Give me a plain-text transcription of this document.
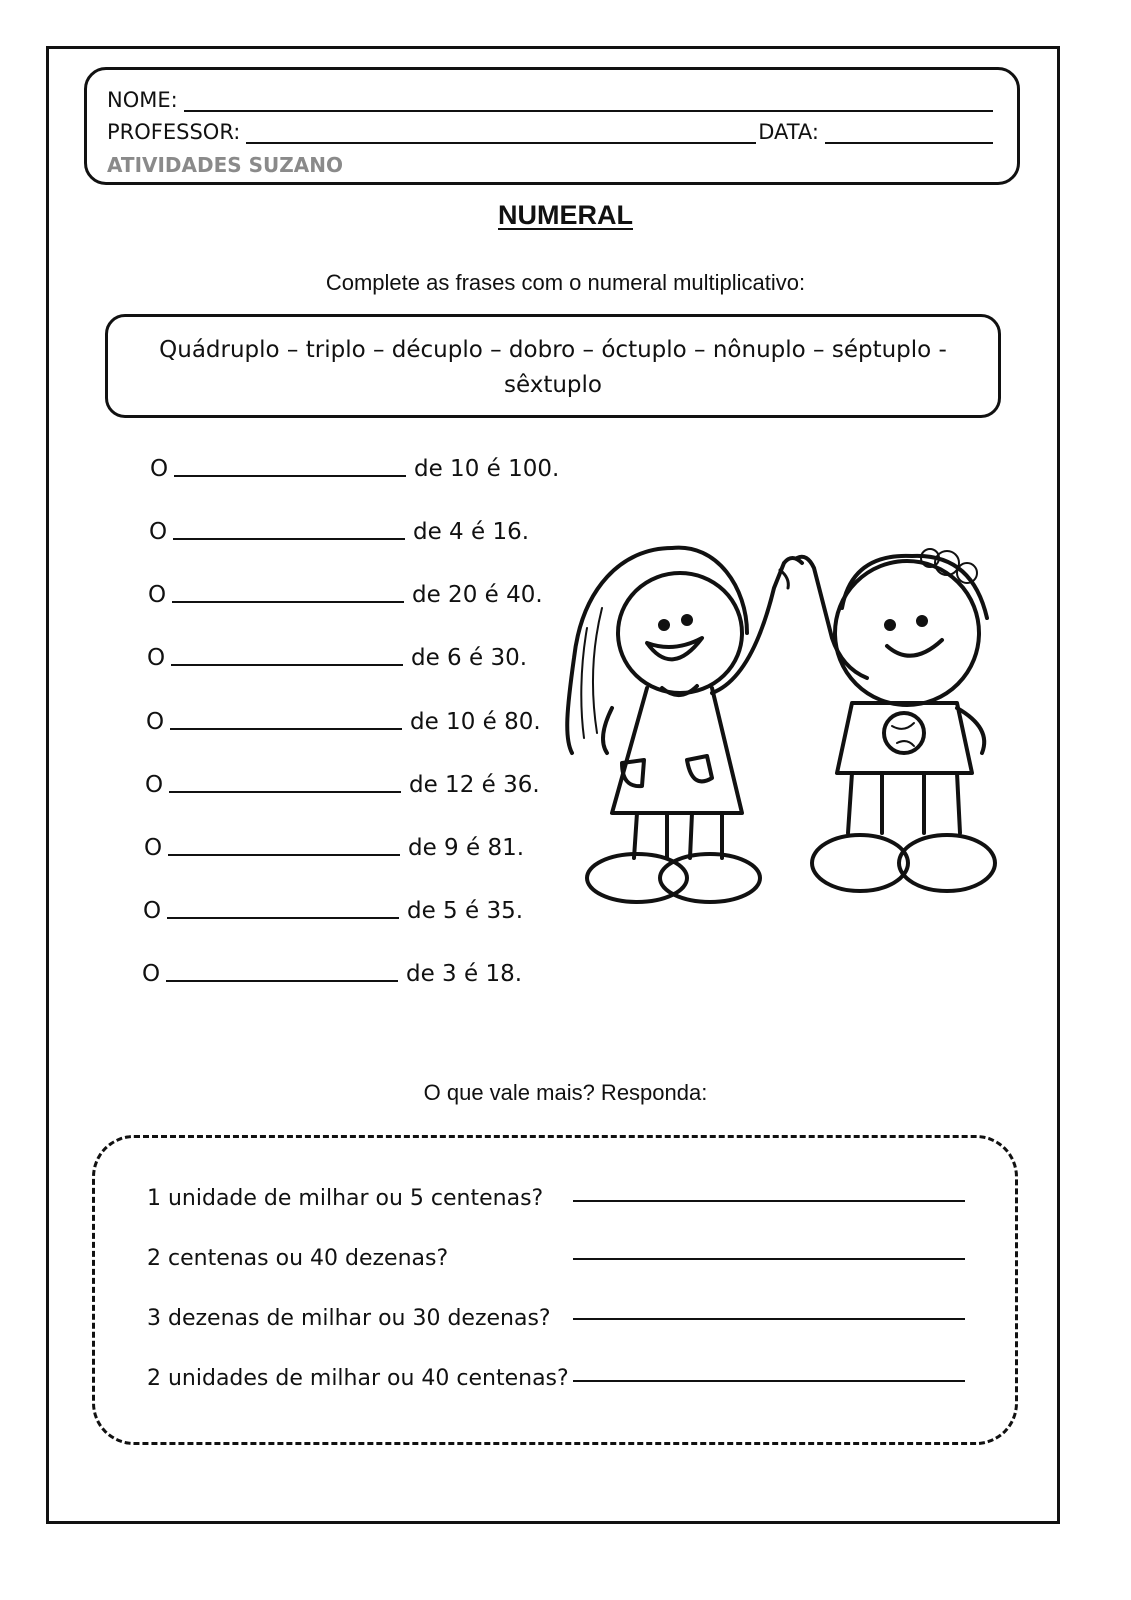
NOME:
PROFESSOR:	DATA:
ATIVIDADES SUZANO
NUMERAL
Complete as frases com o numeral multiplicativo:
Quádruplo – triplo – décuplo – dobro – óctuplo – nônuplo – séptuplo - sêxtuplo
O	de 10 é 100.
O	de 4 é 16.
O	de 20 é 40.
O	de 6 é 30.
O	de 10 é 80.
O	de 12 é 36.
O	de 9 é 81.
O	de 5 é 35.
O	de 3 é 18.
O que vale mais? Responda:
1 unidade de milhar ou 5 centenas?
2 centenas ou 40 dezenas?
3 dezenas de milhar ou 30 dezenas?
2 unidades de milhar ou 40 centenas?
